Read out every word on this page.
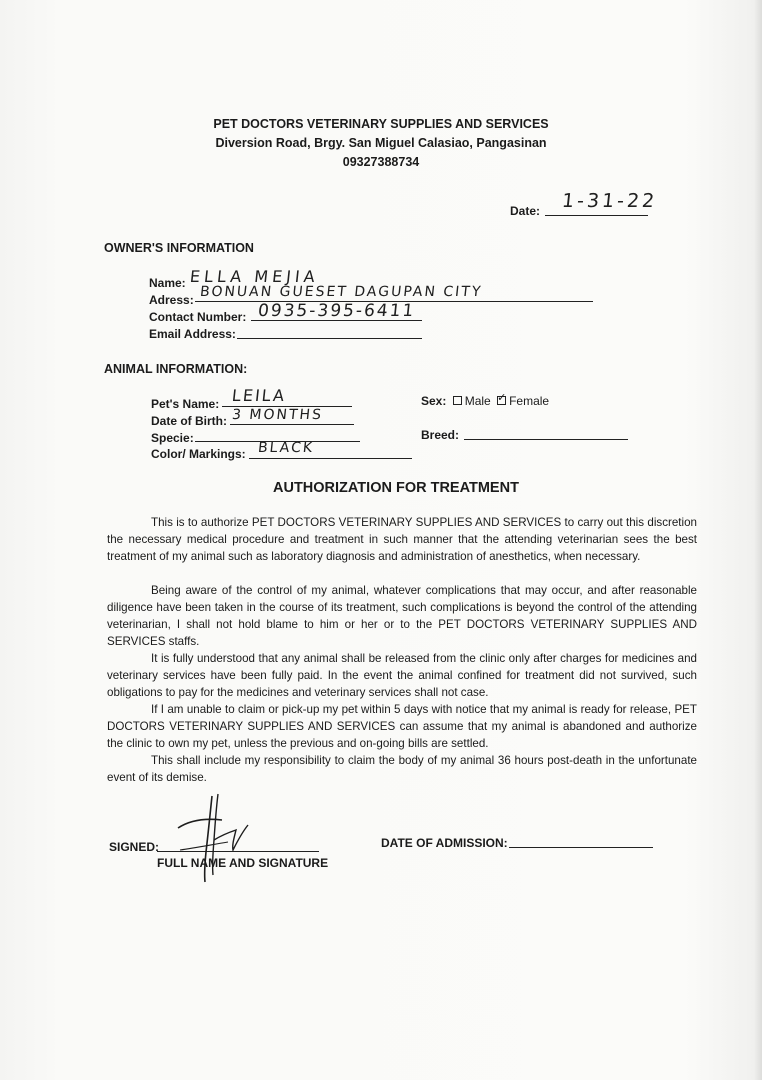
PET DOCTORS VETERINARY SUPPLIES AND SERVICES
Diversion Road, Brgy. San Miguel Calasiao, Pangasinan
09327388734
Date: 1-31-22
OWNER'S INFORMATION
Name: ELLA MEJIA
Adress: BONUAN GUESET DAGUPAN CITY
Contact Number: 0935-395-6411
Email Address:
ANIMAL INFORMATION:
Pet's Name: LEILA
Date of Birth: 3 MONTHS
Specie:
Color/ Markings: BLACK
Sex: Male ✓ Female
Breed:
AUTHORIZATION FOR TREATMENT
This is to authorize PET DOCTORS VETERINARY SUPPLIES AND SERVICES to carry out this discretion the necessary medical procedure and treatment in such manner that the attending veterinarian sees the best treatment of my animal such as laboratory diagnosis and administration of anesthetics, when necessary.
Being aware of the control of my animal, whatever complications that may occur, and after reasonable diligence have been taken in the course of its treatment, such complications is beyond the control of the attending veterinarian, I shall not hold blame to him or her or to the PET DOCTORS VETERINARY SUPPLIES AND SERVICES staffs.
It is fully understood that any animal shall be released from the clinic only after charges for medicines and veterinary services have been fully paid. In the event the animal confined for treatment did not survived, such obligations to pay for the medicines and veterinary services shall not case.
If I am unable to claim or pick-up my pet within 5 days with notice that my animal is ready for release, PET DOCTORS VETERINARY SUPPLIES AND SERVICES can assume that my animal is abandoned and authorize the clinic to own my pet, unless the previous and on-going bills are settled.
This shall include my responsibility to claim the body of my animal 36 hours post-death in the unfortunate event of its demise.
SIGNED:
FULL NAME AND SIGNATURE
DATE OF ADMISSION:
